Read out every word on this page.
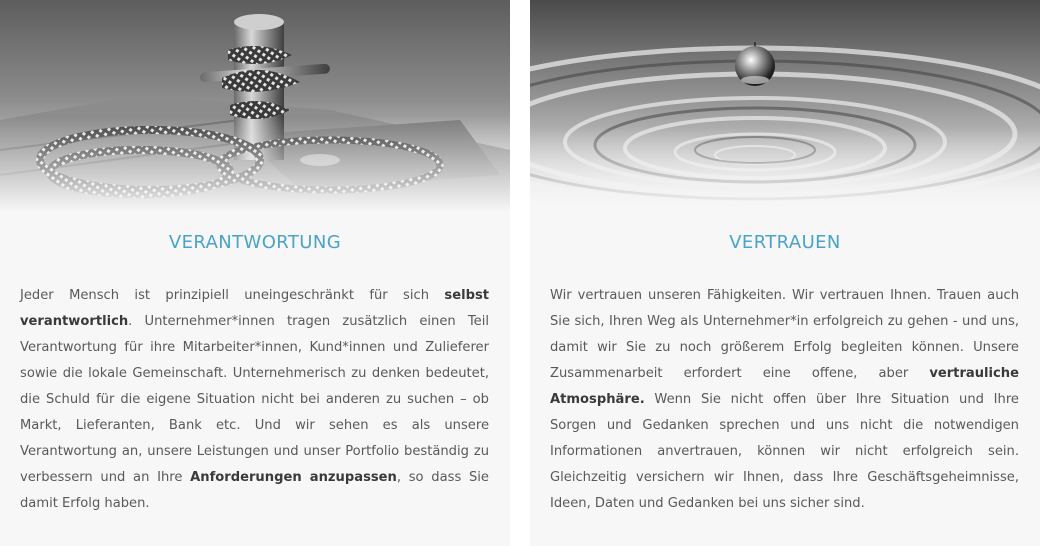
VERANTWORTUNG

Jeder Mensch ist prinzipiell uneingeschränkt für sich selbst verantwortlich. Unternehmer*innen tragen zusätzlich einen Teil Verantwortung für ihre Mitarbeiter*innen, Kund*innen und Zulieferer sowie die lokale Gemeinschaft. Unternehmerisch zu denken bedeutet, die Schuld für die eigene Situation nicht bei anderen zu suchen – ob Markt, Lieferanten, Bank etc. Und wir sehen es als unsere Verantwortung an, unsere Leistungen und unser Portfolio beständig zu verbessern und an Ihre Anforderungen anzupassen, so dass Sie damit Erfolg haben.

VERTRAUEN

Wir vertrauen unseren Fähigkeiten. Wir vertrauen Ihnen. Trauen auch Sie sich, Ihren Weg als Unternehmer*in erfolgreich zu gehen - und uns, damit wir Sie zu noch größerem Erfolg begleiten können. Unsere Zusammenarbeit erfordert eine offene, aber vertrauliche Atmosphäre. Wenn Sie nicht offen über Ihre Situation und Ihre Sorgen und Gedanken sprechen und uns nicht die notwendigen Informationen anvertrauen, können wir nicht erfolgreich sein. Gleichzeitig versichern wir Ihnen, dass Ihre Geschäftsgeheimnisse, Ideen, Daten und Gedanken bei uns sicher sind.
